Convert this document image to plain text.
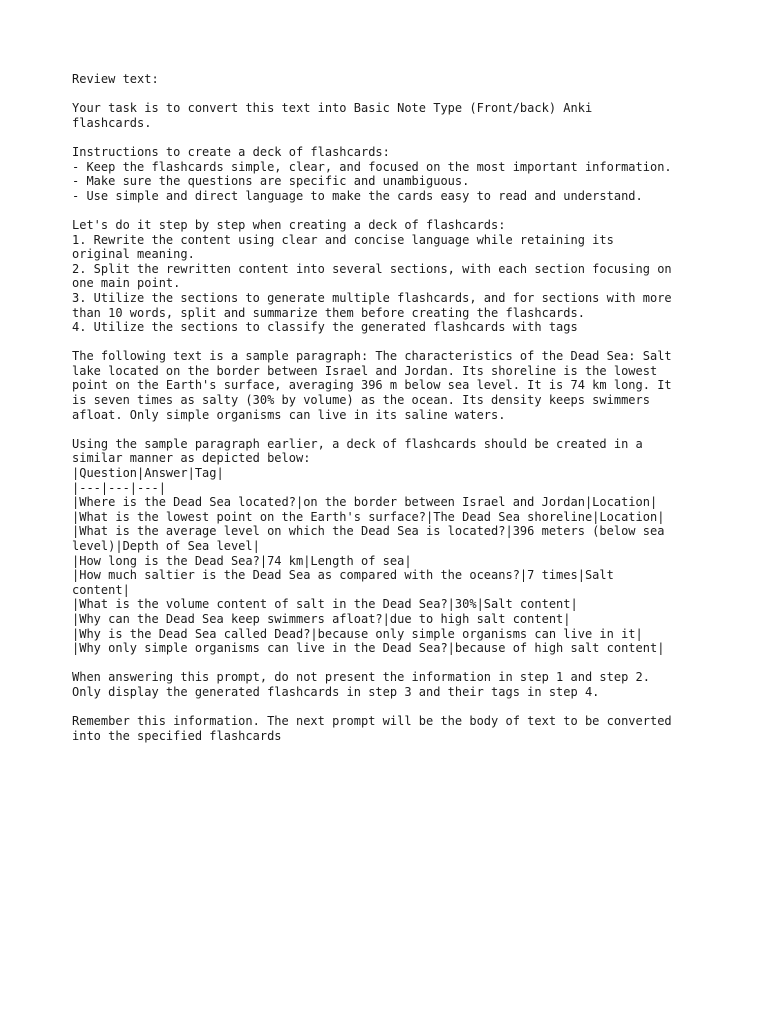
Review text:
Your task is to convert this text into Basic Note Type (Front/back) Anki
flashcards.
Instructions to create a deck of flashcards:
- Keep the flashcards simple, clear, and focused on the most important information.
- Make sure the questions are specific and unambiguous.
- Use simple and direct language to make the cards easy to read and understand.
Let's do it step by step when creating a deck of flashcards:
1. Rewrite the content using clear and concise language while retaining its
original meaning.
2. Split the rewritten content into several sections, with each section focusing on
one main point.
3. Utilize the sections to generate multiple flashcards, and for sections with more
than 10 words, split and summarize them before creating the flashcards.
4. Utilize the sections to classify the generated flashcards with tags
The following text is a sample paragraph: The characteristics of the Dead Sea: Salt
lake located on the border between Israel and Jordan. Its shoreline is the lowest
point on the Earth's surface, averaging 396 m below sea level. It is 74 km long. It
is seven times as salty (30% by volume) as the ocean. Its density keeps swimmers
afloat. Only simple organisms can live in its saline waters.
Using the sample paragraph earlier, a deck of flashcards should be created in a
similar manner as depicted below:
|Question|Answer|Tag|
|---|---|---|
|Where is the Dead Sea located?|on the border between Israel and Jordan|Location|
|What is the lowest point on the Earth's surface?|The Dead Sea shoreline|Location|
|What is the average level on which the Dead Sea is located?|396 meters (below sea
level)|Depth of Sea level|
|How long is the Dead Sea?|74 km|Length of sea|
|How much saltier is the Dead Sea as compared with the oceans?|7 times|Salt
content|
|What is the volume content of salt in the Dead Sea?|30%|Salt content|
|Why can the Dead Sea keep swimmers afloat?|due to high salt content|
|Why is the Dead Sea called Dead?|because only simple organisms can live in it|
|Why only simple organisms can live in the Dead Sea?|because of high salt content|
When answering this prompt, do not present the information in step 1 and step 2.
Only display the generated flashcards in step 3 and their tags in step 4.
Remember this information. The next prompt will be the body of text to be converted
into the specified flashcards
